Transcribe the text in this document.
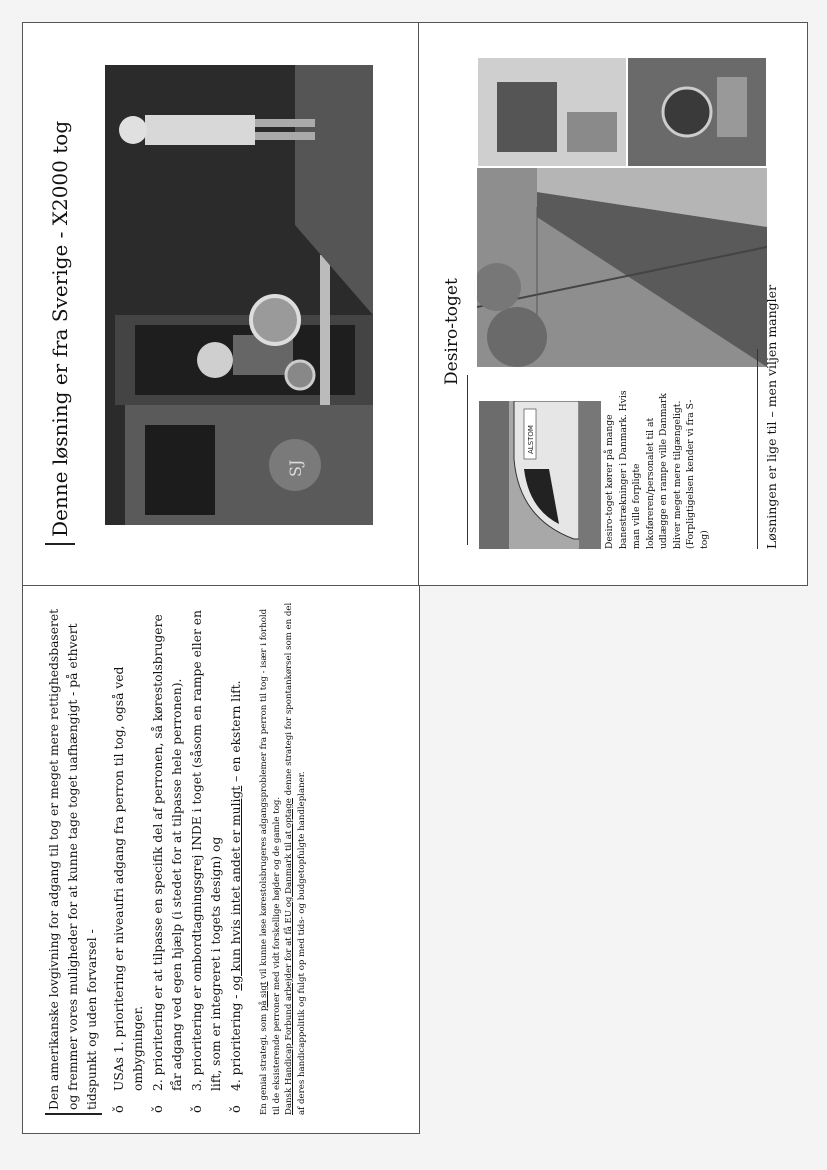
Den amerikanske lovgivning for adgang til tog er meget mere rettighedsbaseret og fremmer vores muligheder for at kunne tage toget uafhængigt - på ethvert tidspunkt og uden forvarsel - ǒ
USAs 1. prioritering er niveaufri adgang fra perron til tog, også ved ombygninger.
ǒ
2. prioritering er at tilpasse en specifik del af perronen, så kørestolsbrugere får adgang ved egen hjælp (i stedet for at tilpasse hele perronen).
ǒ
3. prioritering er ombordtagningsgrej INDE i toget (såsom en rampe eller en lift, som er integreret i togets design) og
ǒ
4. prioritering - og kun hvis intet andet er muligt – en ekstern lift.
En genial strategi, som på sigt vil kunne løse kørestolsbrugeres adgangsproblemer fra perron til tog - især i forhold til de eksisterende perroner med vidt forskellige højder og de gamle tog. Dansk Handicap Forbund arbejder for at få EU og Danmark til at optage denne strategi for spontankørsel som en del af deres handicappolitik og fulgt op med tids- og budgetopfulgte handleplaner.
Denne løsning er fra Sverige - X2000 tog	SJ
Desiro-toget
ALSTOM	Desiro-toget kører på mange banestrækninger i Danmark. Hvis man ville forpligte lokoføreren/personalet til at udlægge en rampe ville Danmark bliver meget mere tilgængeligt. (Forpligtigelsen kender vi fra S-tog)	Løsningen er lige til – men viljen mangler
